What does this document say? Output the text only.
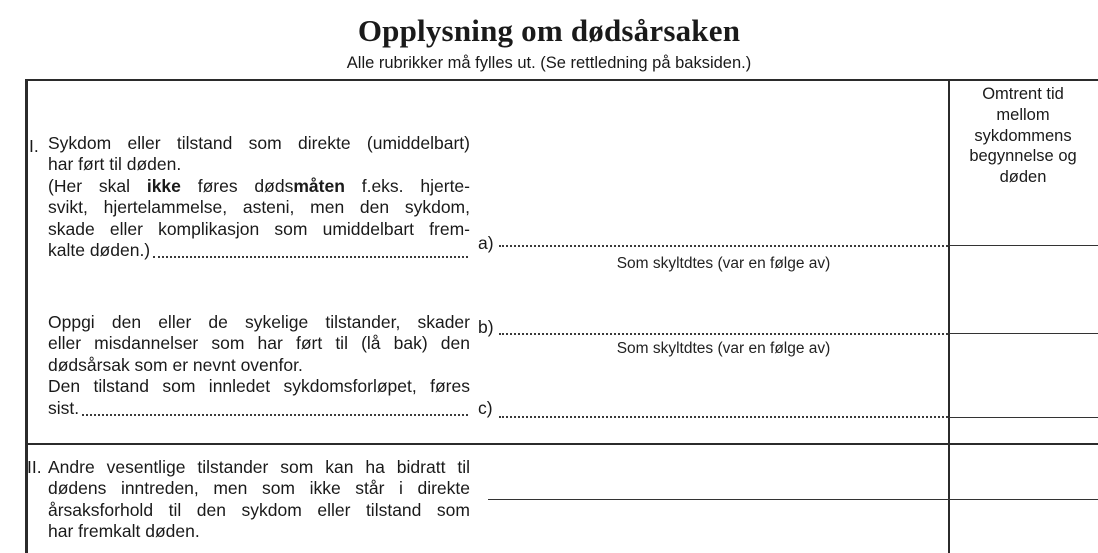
Opplysning om dødsårsaken
Alle rubrikker må fylles ut. (Se rettledning på baksiden.)
Omtrent tid
mellom
sykdommens
begynnelse og
døden
I. Sykdom eller tilstand som direkte (umiddelbart)
har ført til døden.
(Her skal ikke føres dødsmåten f.eks. hjerte-
svikt, hjertelammelse, asteni, men den sykdom,
skade eller komplikasjon som umiddelbart frem-
kalte døden.)	a)
Som skyltdtes (var en følge av)
Oppgi den eller de sykelige tilstander, skader
eller misdannelser som har ført til (lå bak) den
dødsårsak som er nevnt ovenfor.
Den tilstand som innledet sykdomsforløpet, føres
sist.
b)
Som skyltdtes (var en følge av)
c)
II. Andre vesentlige tilstander som kan ha bidratt til
dødens inntreden, men som ikke står i direkte
årsaksforhold til den sykdom eller tilstand som
har fremkalt døden.
